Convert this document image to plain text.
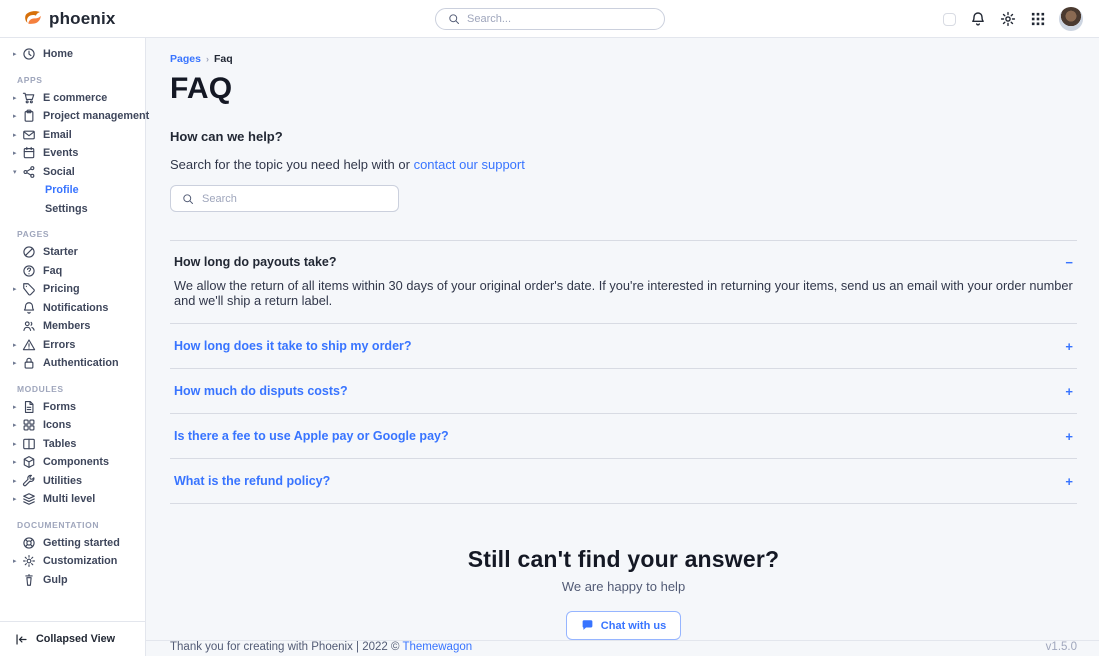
phoenix
Search...
▸	Home
APPS
▸	E commerce
▸	Project management
▸	Email
▸	Events
▾	Social
Profile
Settings
PAGES
Starter
Faq
▸	Pricing
Notifications
Members
▸	Errors
▸	Authentication
MODULES
▸	Forms
▸	Icons
▸	Tables
▸	Components
▸	Utilities
▸	Multi level
DOCUMENTATION
Getting started
▸	Customization
Gulp
Collapsed View
Pages › Faq
FAQ
How can we help?
Search for the topic you need help with or contact our support
Search
How long do payouts take?	−
We allow the return of all items within 30 days of your original order's date. If you're interested in returning your items, send us an email with your order number and we'll ship a return label.
How long does it take to ship my order?	+
How much do disputs costs?	+
Is there a fee to use Apple pay or Google pay?	+
What is the refund policy?	+
Still can't find your answer?
We are happy to help
Chat with us
Thank you for creating with Phoenix | 2022 © Themewagon	v1.5.0
